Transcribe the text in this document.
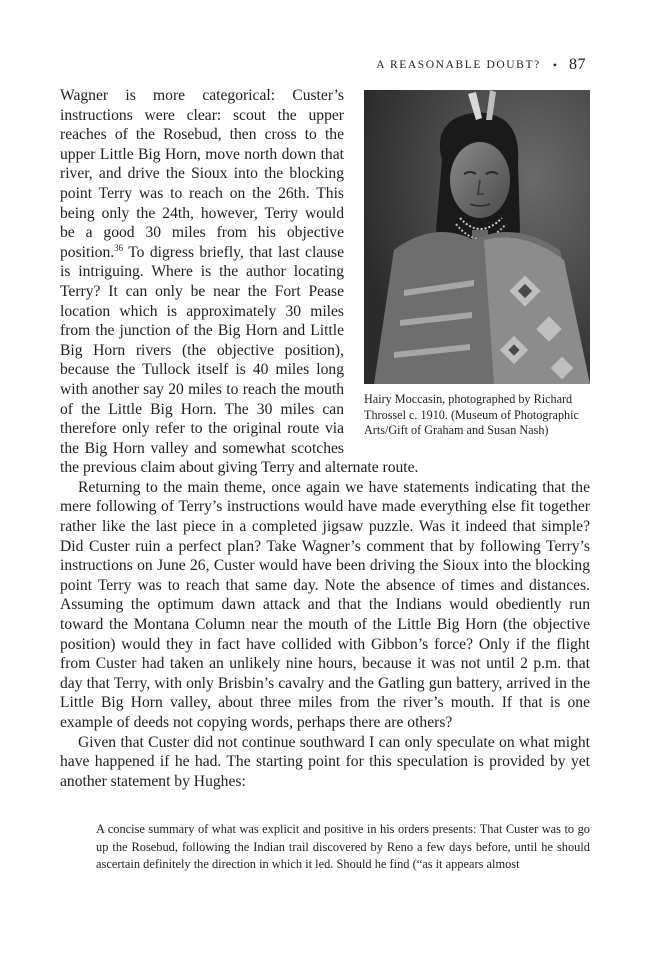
A REASONABLE DOUBT? • 87
Hairy Moccasin, photographed by Richard Throssel c. 1910. (Museum of Photographic Arts/Gift of Graham and Susan Nash)

Wagner is more categorical: Custer’s instructions were clear: scout the upper reaches of the Rosebud, then cross to the upper Little Big Horn, move north down that river, and drive the Sioux into the blocking point Terry was to reach on the 26th. This being only the 24th, however, Terry would be a good 30 miles from his objective position.$^{36}$ To digress briefly, that last clause is intriguing. Where is the author locating Terry? It can only be near the Fort Pease location which is approximately 30 miles from the junction of the Big Horn and Little Big Horn rivers (the objective position), because the Tullock itself is 40 miles long with another say 20 miles to reach the mouth of the Little Big Horn. The 30 miles can therefore only refer to the original route via the Big Horn valley and somewhat scotches the previous claim about giving Terry and alternate route.

Returning to the main theme, once again we have statements indicating that the mere following of Terry’s instructions would have made everything else fit together rather like the last piece in a completed jigsaw puzzle. Was it indeed that simple? Did Custer ruin a perfect plan? Take Wagner’s comment that by following Terry’s instructions on June 26, Custer would have been driving the Sioux into the blocking point Terry was to reach that same day. Note the absence of times and distances. Assuming the optimum dawn attack and that the Indians would obediently run toward the Montana Column near the mouth of the Little Big Horn (the objective position) would they in fact have collided with Gibbon’s force? Only if the flight from Custer had taken an unlikely nine hours, because it was not until 2 p.m. that day that Terry, with only Brisbin’s cavalry and the Gatling gun battery, arrived in the Little Big Horn valley, about three miles from the river’s mouth. If that is one example of deeds not copying words, perhaps there are others?

Given that Custer did not continue southward I can only speculate on what might have happened if he had. The starting point for this speculation is provided by yet another statement by Hughes:

A concise summary of what was explicit and positive in his orders presents: That Custer was to go up the Rosebud, following the Indian trail discovered by Reno a few days before, until he should ascertain definitely the direction in which it led. Should he find (“as it appears almost
